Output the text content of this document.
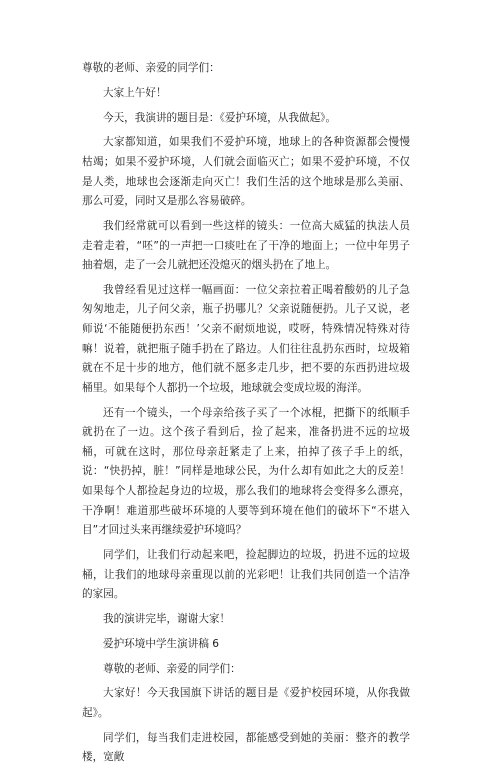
尊敬的老师、亲爱的同学们：

大家上午好！

今天，我演讲的题目是：《爱护环境，从我做起》。

大家都知道，如果我们不爱护环境，地球上的各种资源都会慢慢枯竭；如果不爱护环境，人们就会面临灭亡；如果不爱护环境，不仅是人类，地球也会逐渐走向灭亡！我们生活的这个地球是那么美丽、那么可爱，同时又是那么容易破碎。

我们经常就可以看到一些这样的镜头：一位高大威猛的执法人员走着走着，“呸”的一声把一口痰吐在了干净的地面上；一位中年男子抽着烟，走了一会儿就把还没熄灭的烟头扔在了地上。

我曾经看见过这样一幅画面：一位父亲拉着正喝着酸奶的儿子急匆匆地走，儿子问父亲，瓶子扔哪儿？父亲说随便扔。儿子又说，老师说‘不能随便扔东西！’父亲不耐烦地说，哎呀，特殊情况特殊对待嘛！说着，就把瓶子随手扔在了路边。人们往往乱扔东西时，垃圾箱就在不足十步的地方，他们就不愿多走几步，把不要的东西扔进垃圾桶里。如果每个人都扔一个垃圾，地球就会变成垃圾的海洋。

还有一个镜头，一个母亲给孩子买了一个冰棍，把撕下的纸顺手就扔在了一边。这个孩子看到后，捡了起来，准备扔进不远的垃圾桶，可就在这时，那位母亲赶紧走了上来，拍掉了孩子手上的纸，说：“快扔掉，脏！”同样是地球公民，为什么却有如此之大的反差！如果每个人都捡起身边的垃圾，那么我们的地球将会变得多么漂亮，干净啊！难道那些破坏环境的人要等到环境在他们的破坏下“不堪入目”才回过头来再继续爱护环境吗？

同学们，让我们行动起来吧，捡起脚边的垃圾，扔进不远的垃圾桶，让我们的地球母亲重现以前的光彩吧！让我们共同创造一个洁净的家园。

我的演讲完毕，谢谢大家！

爱护环境中学生演讲稿 6

尊敬的老师、亲爱的同学们：

大家好！今天我国旗下讲话的题目是《爱护校园环境，从你我做起》。

同学们，每当我们走进校园，都能感受到她的美丽：整齐的教学楼，宽敞
